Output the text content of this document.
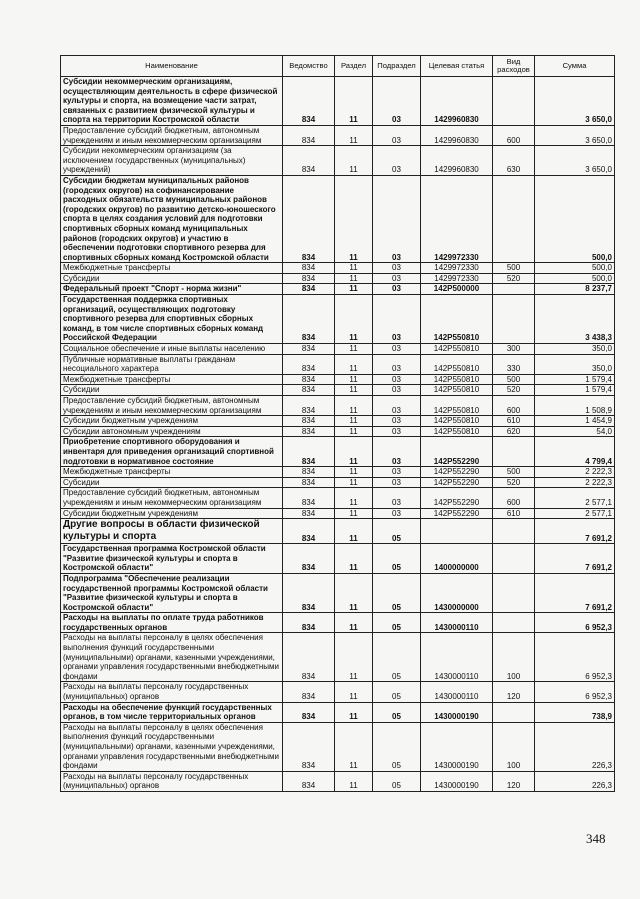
Наименование	Ведомство	Раздел	Подраздел	Целевая статья	Вид расходов	Сумма
Субсидии некоммерческим организациям, осуществляющим деятельность в сфере физической культуры и спорта, на возмещение части затрат, связанных с развитием физической культуры и спорта на территории Костромской области	834	11	03	1429960830		3 650,0
Предоставление субсидий бюджетным, автономным учреждениям и иным некоммерческим организациям	834	11	03	1429960830	600	3 650,0
Субсидии некоммерческим организациям (за исключением государственных (муниципальных) учреждений)	834	11	03	1429960830	630	3 650,0
Субсидии бюджетам муниципальных районов (городских округов) на софинансирование расходных обязательств муниципальных районов (городских округов) по развитию детско-юношеского спорта в целях создания условий для подготовки спортивных сборных команд муниципальных районов (городских округов) и участию в обеспечении подготовки спортивного резерва для спортивных сборных команд Костромской области	834	11	03	1429972330		500,0
Межбюджетные трансферты	834	11	03	1429972330	500	500,0
Субсидии	834	11	03	1429972330	520	500,0
Федеральный проект "Спорт - норма жизни"	834	11	03	142P500000		8 237,7
Государственная поддержка спортивных организаций, осуществляющих подготовку спортивного резерва для спортивных сборных команд, в том числе спортивных сборных команд Российской Федерации	834	11	03	142P550810		3 438,3
Социальное обеспечение и иные выплаты населению	834	11	03	142P550810	300	350,0
Публичные нормативные выплаты гражданам несоциального характера	834	11	03	142P550810	330	350,0
Межбюджетные трансферты	834	11	03	142P550810	500	1 579,4
Субсидии	834	11	03	142P550810	520	1 579,4
Предоставление субсидий бюджетным, автономным учреждениям и иным некоммерческим организациям	834	11	03	142P550810	600	1 508,9
Субсидии бюджетным учреждениям	834	11	03	142P550810	610	1 454,9
Субсидии автономным учреждениям	834	11	03	142P550810	620	54,0
Приобретение спортивного оборудования и инвентаря для приведения организаций спортивной подготовки в нормативное состояние	834	11	03	142P552290		4 799,4
Межбюджетные трансферты	834	11	03	142P552290	500	2 222,3
Субсидии	834	11	03	142P552290	520	2 222,3
Предоставление субсидий бюджетным, автономным учреждениям и иным некоммерческим организациям	834	11	03	142P552290	600	2 577,1
Субсидии бюджетным учреждениям	834	11	03	142P552290	610	2 577,1
Другие вопросы в области физической культуры и спорта	834	11	05			7 691,2
Государственная программа Костромской области "Развитие физической культуры и спорта в Костромской области"	834	11	05	1400000000		7 691,2
Подпрограмма "Обеспечение реализации государственной программы Костромской области "Развитие физической культуры и спорта в Костромской области"	834	11	05	1430000000		7 691,2
Расходы на выплаты по оплате труда работников государственных органов	834	11	05	1430000110		6 952,3
Расходы на выплаты персоналу в целях обеспечения выполнения функций государственными (муниципальными) органами, казенными учреждениями, органами управления государственными внебюджетными фондами	834	11	05	1430000110	100	6 952,3
Расходы на выплаты персоналу государственных (муниципальных) органов	834	11	05	1430000110	120	6 952,3
Расходы на обеспечение функций государственных органов, в том числе территориальных органов	834	11	05	1430000190		738,9
Расходы на выплаты персоналу в целях обеспечения выполнения функций государственными (муниципальными) органами, казенными учреждениями, органами управления государственными внебюджетными фондами	834	11	05	1430000190	100	226,3
Расходы на выплаты персоналу государственных (муниципальных) органов	834	11	05	1430000190	120	226,3
348
